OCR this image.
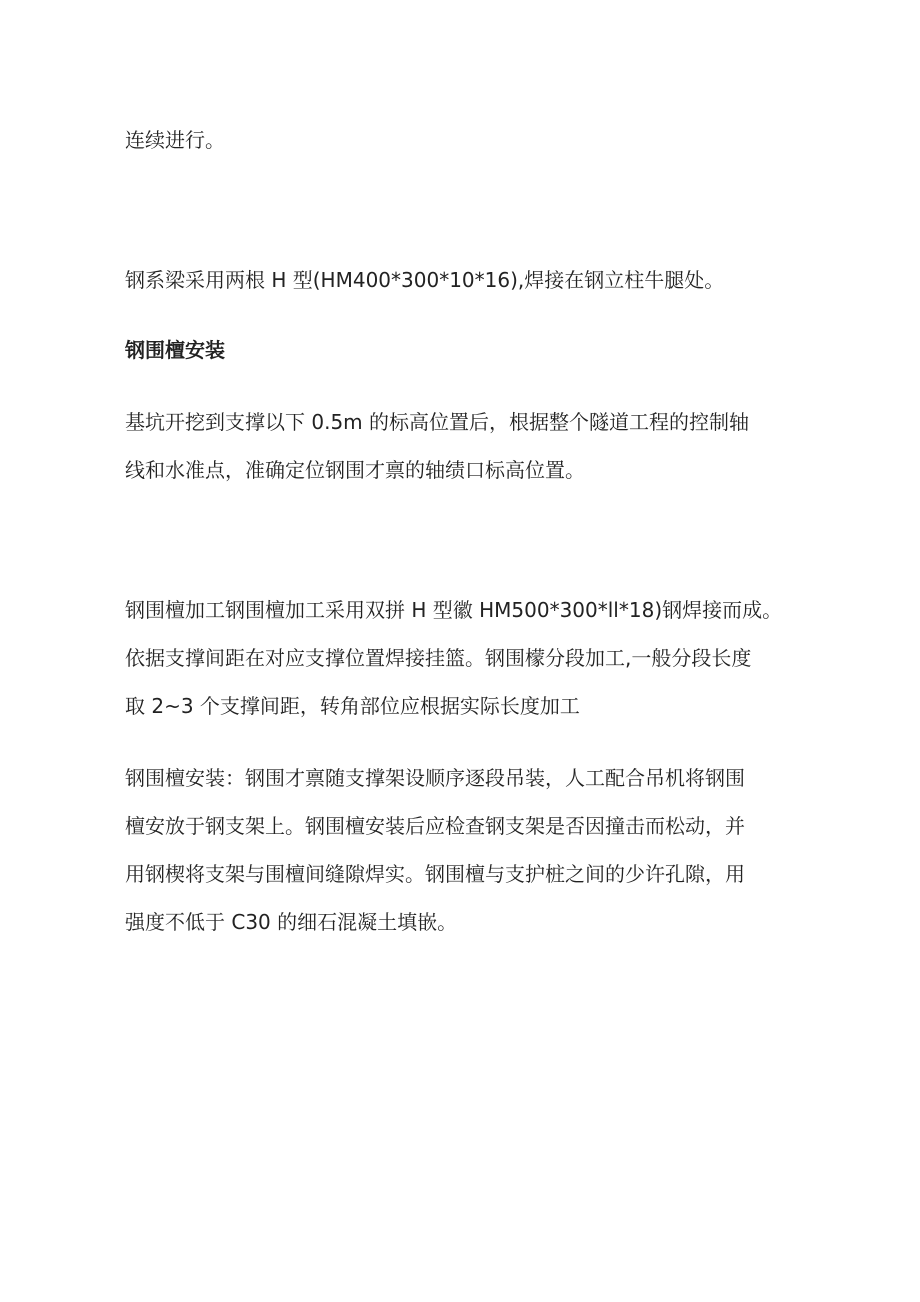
连续进行。

钢系梁采用两根 H 型(HM400*300*10*16),焊接在钢立柱牛腿处。

钢围檀安装

基坑开挖到支撑以下 0.5m 的标高位置后，根据整个隧道工程的控制轴
线和水准点，准确定位钢围才禀的轴绩口标高位置。

钢围檀加工钢围檀加工采用双拼 H 型徽 HM500*300*ll*18)钢焊接而成。
依据支撑间距在对应支撑位置焊接挂篮。钢围檬分段加工,一般分段长度
取 2~3 个支撑间距，转角部位应根据实际长度加工

钢围檀安装：钢围才禀随支撑架设顺序逐段吊装，人工配合吊机将钢围
檀安放于钢支架上。钢围檀安装后应检查钢支架是否因撞击而松动，并
用钢楔将支架与围檀间缝隙焊实。钢围檀与支护桩之间的少许孔隙，用
强度不低于 C30 的细石混凝土填嵌。
